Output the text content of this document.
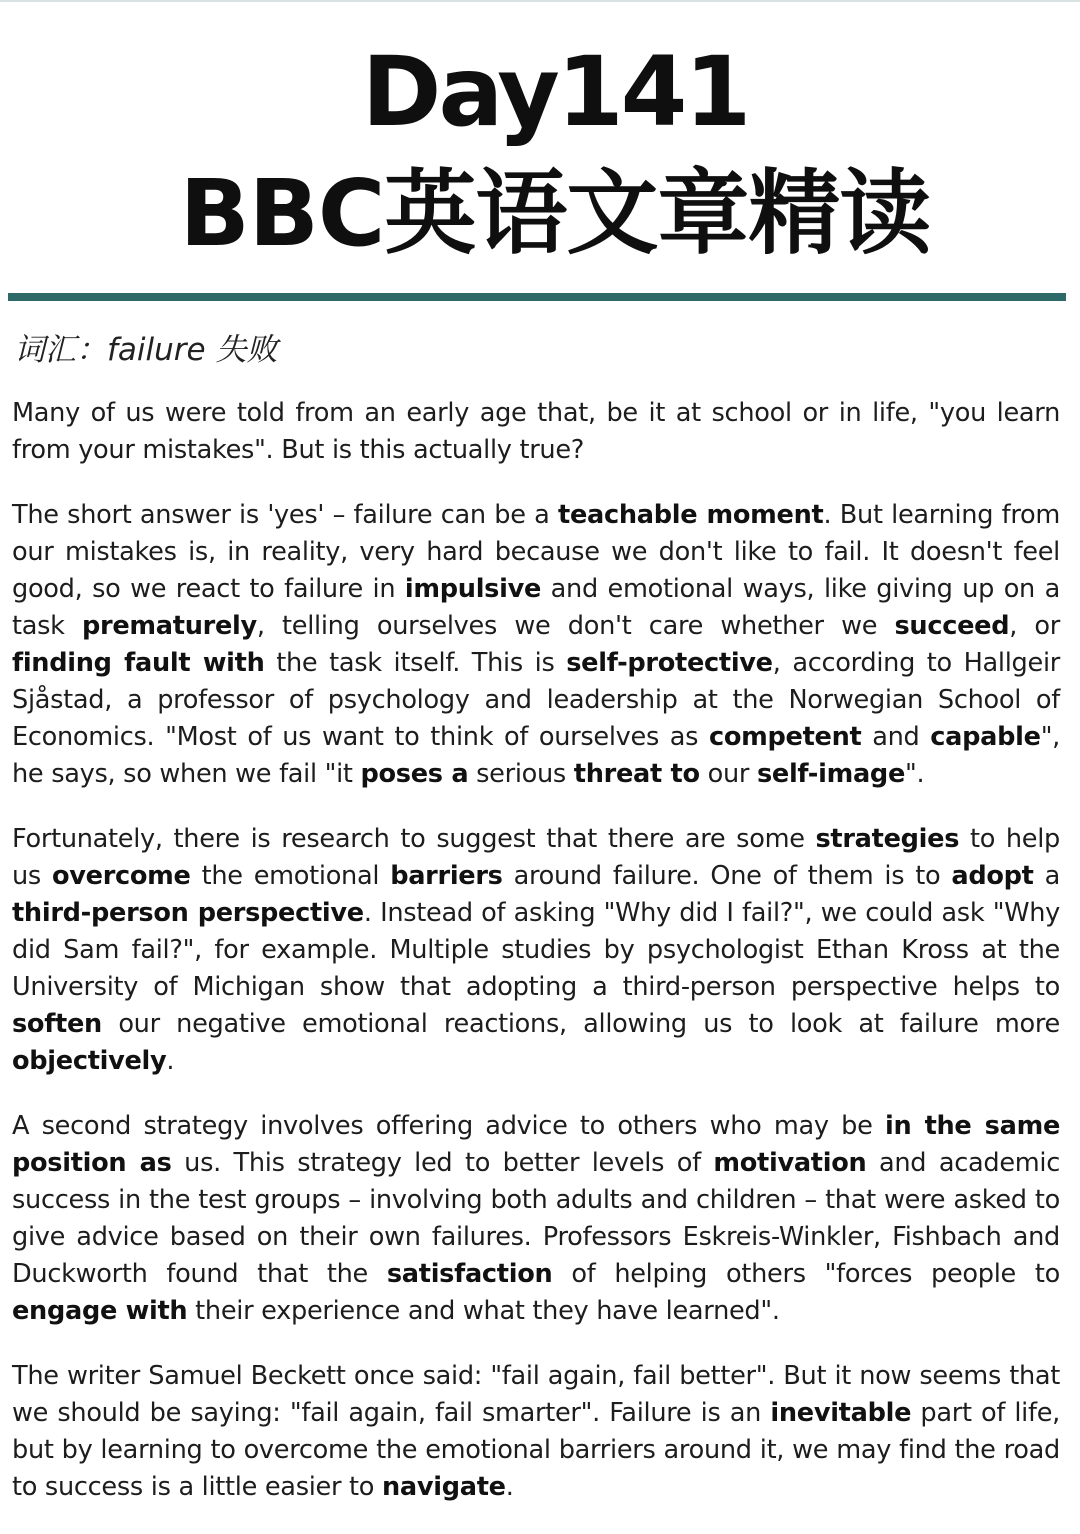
Day141
BBC英语文章精读
词汇：failure 失败

Many of us were told from an early age that, be it at school or in life, "you learn from your mistakes". But is this actually true?

The short answer is 'yes' – failure can be a teachable moment. But learning from our mistakes is, in reality, very hard because we don't like to fail. It doesn't feel good, so we react to failure in impulsive and emotional ways, like giving up on a task prematurely, telling ourselves we don't care whether we succeed, or finding fault with the task itself. This is self-protective, according to Hallgeir Sjåstad, a professor of psychology and leadership at the Norwegian School of Economics. "Most of us want to think of ourselves as competent and capable", he says, so when we fail "it poses a serious threat to our self-image".

Fortunately, there is research to suggest that there are some strategies to help us overcome the emotional barriers around failure. One of them is to adopt a third-person perspective. Instead of asking "Why did I fail?", we could ask "Why did Sam fail?", for example. Multiple studies by psychologist Ethan Kross at the University of Michigan show that adopting a third-person perspective helps to soften our negative emotional reactions, allowing us to look at failure more objectively.

A second strategy involves offering advice to others who may be in the same position as us. This strategy led to better levels of motivation and academic success in the test groups – involving both adults and children – that were asked to give advice based on their own failures. Professors Eskreis-Winkler, Fishbach and Duckworth found that the satisfaction of helping others "forces people to engage with their experience and what they have learned".

The writer Samuel Beckett once said: "fail again, fail better". But it now seems that we should be saying: "fail again, fail smarter". Failure is an inevitable part of life, but by learning to overcome the emotional barriers around it, we may find the road to success is a little easier to navigate.
